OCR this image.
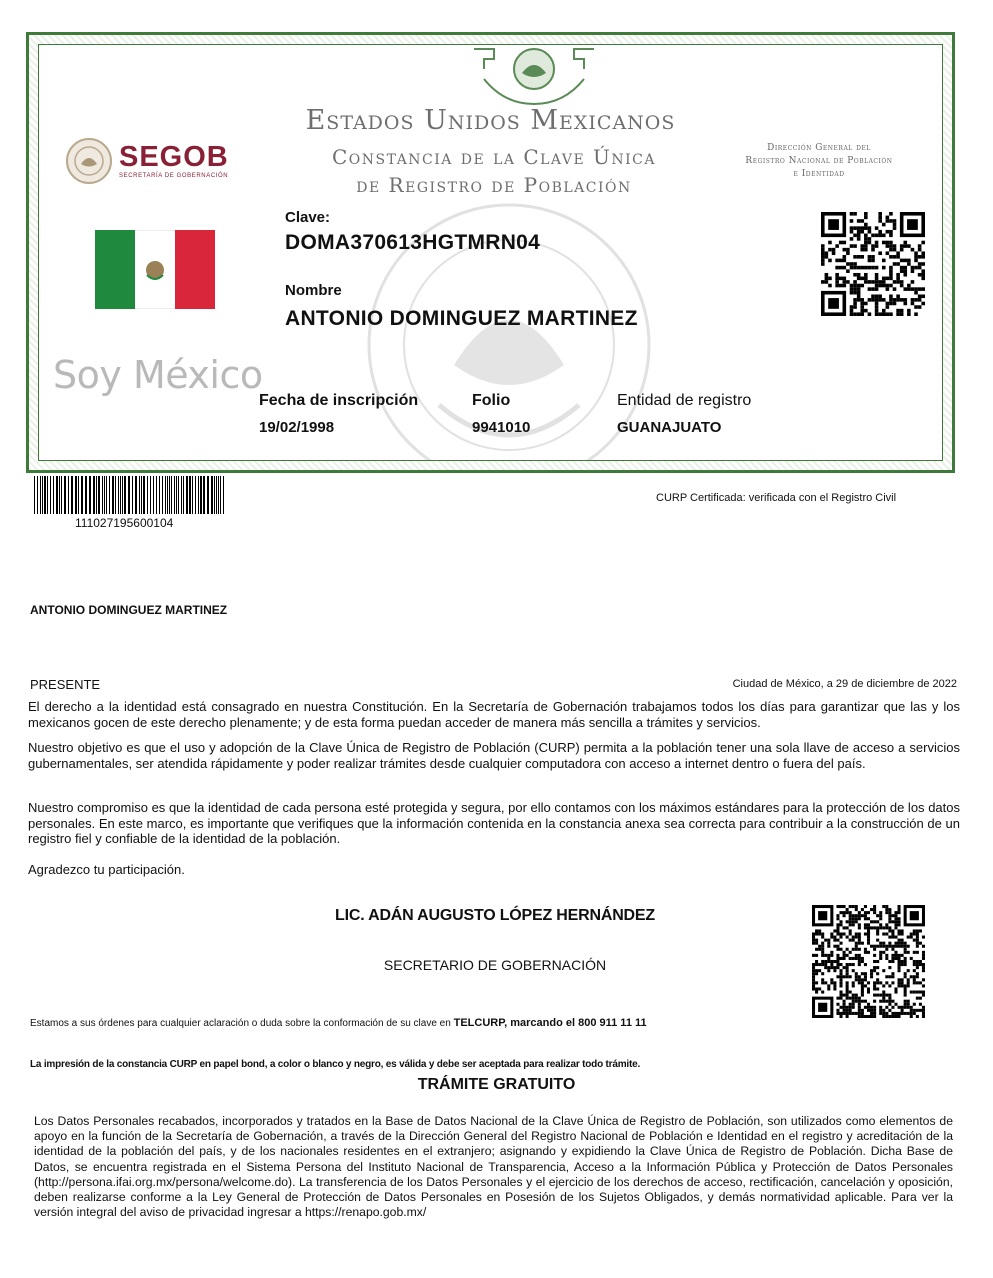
Estados Unidos Mexicanos
Constancia de la Clave Única
de Registro de Población
SEGOB
SECRETARÍA DE GOBERNACIÓN
Dirección General del
Registro Nacional de Población
e Identidad
Soy México
Clave:
DOMA370613HGTMRN04
Nombre
ANTONIO DOMINGUEZ MARTINEZ
Fecha de inscripción
19/02/1998
Folio
9941010
Entidad de registro
GUANAJUATO
111027195600104
CURP Certificada: verificada con el Registro Civil
ANTONIO DOMINGUEZ MARTINEZ
PRESENTE	Ciudad de México, a 29 de diciembre de 2022

El derecho a la identidad está consagrado en nuestra Constitución. En la Secretaría de Gobernación trabajamos todos los días para garantizar que las y los mexicanos gocen de este derecho plenamente; y de esta forma puedan acceder de manera más sencilla a trámites y servicios.

Nuestro objetivo es que el uso y adopción de la Clave Única de Registro de Población (CURP) permita a la población tener una sola llave de acceso a servicios gubernamentales, ser atendida rápidamente y poder realizar trámites desde cualquier computadora con acceso a internet dentro o fuera del país.

Nuestro compromiso es que la identidad de cada persona esté protegida y segura, por ello contamos con los máximos estándares para la protección de los datos personales. En este marco, es importante que verifiques que la información contenida en la constancia anexa sea correcta para contribuir a la construcción de un registro fiel y confiable de la identidad de la población.

Agradezco tu participación.

LIC. ADÁN AUGUSTO LÓPEZ HERNÁNDEZ
SECRETARIO DE GOBERNACIÓN
Estamos a sus órdenes para cualquier aclaración o duda sobre la conformación de su clave en TELCURP, marcando el 800 911 11 11
La impresión de la constancia CURP en papel bond, a color o blanco y negro, es válida y debe ser aceptada para realizar todo trámite.
TRÁMITE GRATUITO

Los Datos Personales recabados, incorporados y tratados en la Base de Datos Nacional de la Clave Única de Registro de Población, son utilizados como elementos de apoyo en la función de la Secretaría de Gobernación, a través de la Dirección General del Registro Nacional de Población e Identidad en el registro y acreditación de la identidad de la población del país, y de los nacionales residentes en el extranjero; asignando y expidiendo la Clave Única de Registro de Población. Dicha Base de Datos, se encuentra registrada en el Sistema Persona del Instituto Nacional de Transparencia, Acceso a la Información Pública y Protección de Datos Personales (http://persona.ifai.org.mx/persona/welcome.do). La transferencia de los Datos Personales y el ejercicio de los derechos de acceso, rectificación, cancelación y oposición, deben realizarse conforme a la Ley General de Protección de Datos Personales en Posesión de los Sujetos Obligados, y demás normatividad aplicable. Para ver la versión integral del aviso de privacidad ingresar a https://renapo.gob.mx/
